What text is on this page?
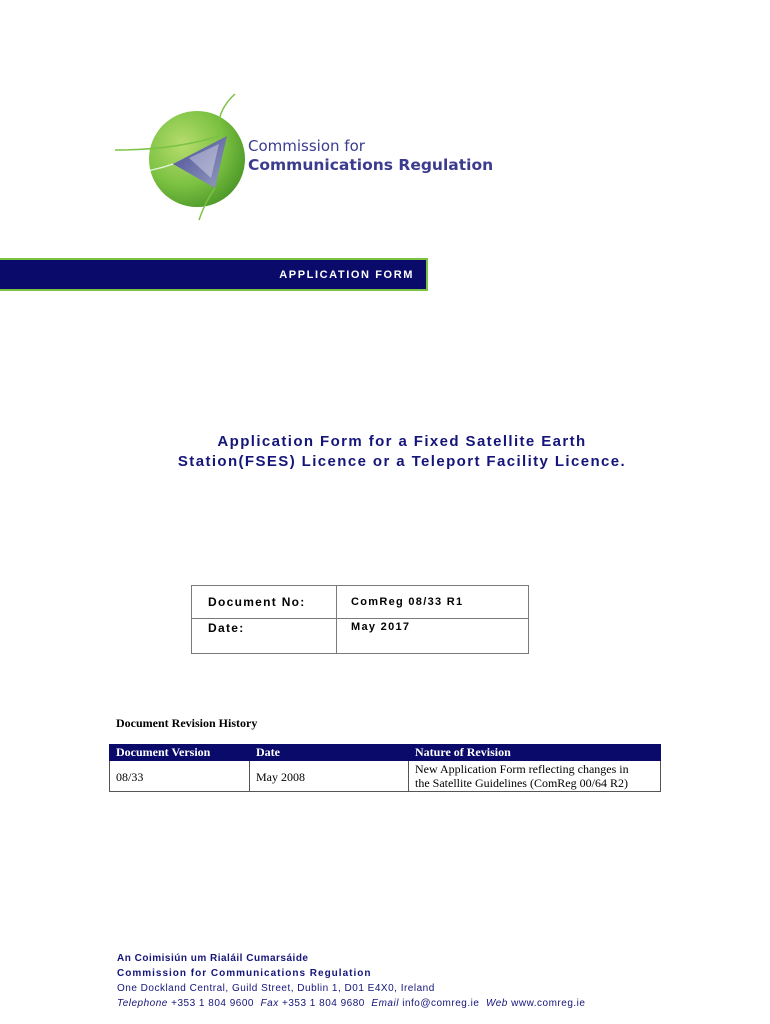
Commission for
Communications Regulation
APPLICATION FORM
Application Form for a Fixed Satellite Earth
Station(FSES) Licence or a Teleport Facility Licence.
Document No:	ComReg 08/33 R1
Date:	May 2017
Document Revision History
Document Version	Date	Nature of Revision
08/33	May 2008	New Application Form reflecting changes in
the Satellite Guidelines (ComReg 00/64 R2)
An Coimisiún um Rialáil Cumarsáide
Commission for Communications Regulation
One Dockland Central, Guild Street, Dublin 1, D01 E4X0, Ireland
Telephone +353 1 804 9600 Fax +353 1 804 9680 Email info@comreg.ie Web www.comreg.ie
